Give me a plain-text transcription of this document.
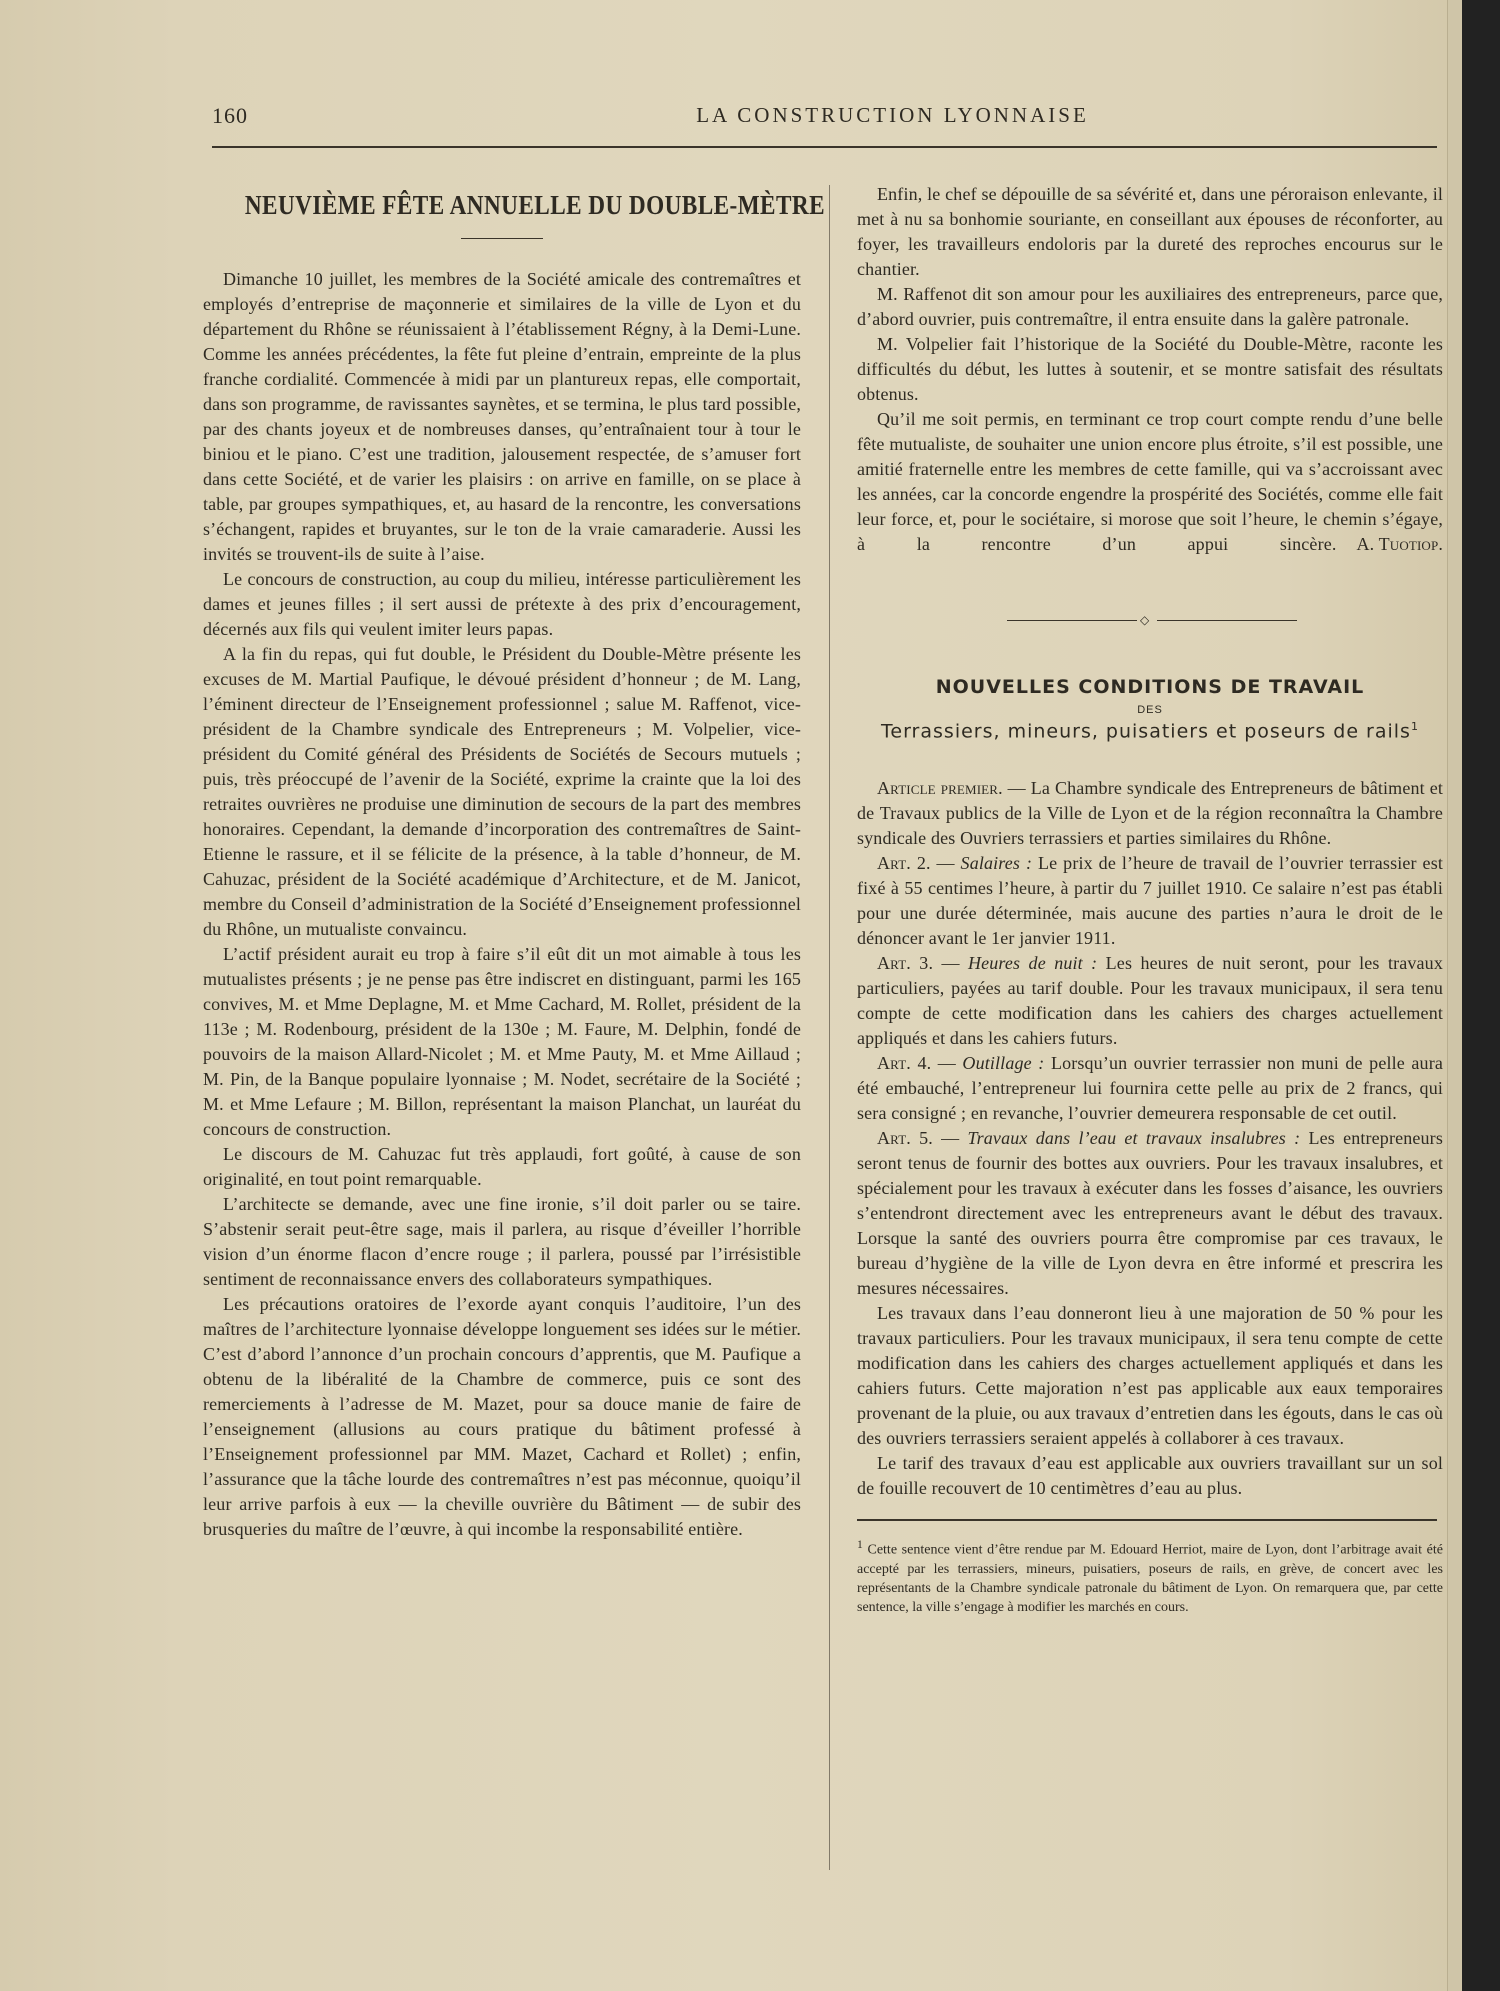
160	LA CONSTRUCTION LYONNAISE
NEUVIÈME FÊTE ANNUELLE DU DOUBLE-MÈTRE

Dimanche 10 juillet, les membres de la Société amicale des contremaîtres et employés d’entreprise de maçonnerie et similaires de la ville de Lyon et du département du Rhône se réunissaient à l’établissement Régny, à la Demi-Lune. Comme les années précédentes, la fête fut pleine d’entrain, empreinte de la plus franche cordialité. Commencée à midi par un plantureux repas, elle comportait, dans son programme, de ravissantes saynètes, et se termina, le plus tard possible, par des chants joyeux et de nombreuses danses, qu’entraînaient tour à tour le biniou et le piano. C’est une tradition, jalousement respectée, de s’amuser fort dans cette Société, et de varier les plaisirs : on arrive en famille, on se place à table, par groupes sympathiques, et, au hasard de la rencontre, les conversations s’échangent, rapides et bruyantes, sur le ton de la vraie camaraderie. Aussi les invités se trouvent-ils de suite à l’aise.

Le concours de construction, au coup du milieu, intéresse particulièrement les dames et jeunes filles ; il sert aussi de prétexte à des prix d’encouragement, décernés aux fils qui veulent imiter leurs papas.

A la fin du repas, qui fut double, le Président du Double-Mètre présente les excuses de M. Martial Paufique, le dévoué président d’honneur ; de M. Lang, l’éminent directeur de l’Enseignement professionnel ; salue M. Raffenot, vice-président de la Chambre syndicale des Entrepreneurs ; M. Volpelier, vice-président du Comité général des Présidents de Sociétés de Secours mutuels ; puis, très préoccupé de l’avenir de la Société, exprime la crainte que la loi des retraites ouvrières ne produise une diminution de secours de la part des membres honoraires. Cependant, la demande d’incorporation des contremaîtres de Saint-Etienne le rassure, et il se félicite de la présence, à la table d’honneur, de M. Cahuzac, président de la Société académique d’Architecture, et de M. Janicot, membre du Conseil d’administration de la Société d’Enseignement professionnel du Rhône, un mutualiste convaincu.

L’actif président aurait eu trop à faire s’il eût dit un mot aimable à tous les mutualistes présents ; je ne pense pas être indiscret en distinguant, parmi les 165 convives, M. et Mme Deplagne, M. et Mme Cachard, M. Rollet, président de la 113e ; M. Rodenbourg, président de la 130e ; M. Faure, M. Delphin, fondé de pouvoirs de la maison Allard-Nicolet ; M. et Mme Pauty, M. et Mme Aillaud ; M. Pin, de la Banque populaire lyonnaise ; M. Nodet, secrétaire de la Société ; M. et Mme Lefaure ; M. Billon, représentant la maison Planchat, un lauréat du concours de construction.

Le discours de M. Cahuzac fut très applaudi, fort goûté, à cause de son originalité, en tout point remarquable.

L’architecte se demande, avec une fine ironie, s’il doit parler ou se taire. S’abstenir serait peut-être sage, mais il parlera, au risque d’éveiller l’horrible vision d’un énorme flacon d’encre rouge ; il parlera, poussé par l’irrésistible sentiment de reconnaissance envers des collaborateurs sympathiques.

Les précautions oratoires de l’exorde ayant conquis l’auditoire, l’un des maîtres de l’architecture lyonnaise développe longuement ses idées sur le métier. C’est d’abord l’annonce d’un prochain concours d’apprentis, que M. Paufique a obtenu de la libéralité de la Chambre de commerce, puis ce sont des remerciements à l’adresse de M. Mazet, pour sa douce manie de faire de l’enseignement (allusions au cours pratique du bâtiment professé à l’Enseignement professionnel par MM. Mazet, Cachard et Rollet) ; enfin, l’assurance que la tâche lourde des contremaîtres n’est pas méconnue, quoiqu’il leur arrive parfois à eux — la cheville ouvrière du Bâtiment — de subir des brusqueries du maître de l’œuvre, à qui incombe la responsabilité entière.

Enfin, le chef se dépouille de sa sévérité et, dans une péroraison enlevante, il met à nu sa bonhomie souriante, en conseillant aux épouses de réconforter, au foyer, les travailleurs endoloris par la dureté des reproches encourus sur le chantier.

M. Raffenot dit son amour pour les auxiliaires des entrepreneurs, parce que, d’abord ouvrier, puis contremaître, il entra ensuite dans la galère patronale.

M. Volpelier fait l’historique de la Société du Double-Mètre, raconte les difficultés du début, les luttes à soutenir, et se montre satisfait des résultats obtenus.

Qu’il me soit permis, en terminant ce trop court compte rendu d’une belle fête mutualiste, de souhaiter une union encore plus étroite, s’il est possible, une amitié fraternelle entre les membres de cette famille, qui va s’accroissant avec les années, car la concorde engendre la prospérité des Sociétés, comme elle fait leur force, et, pour le sociétaire, si morose que soit l’heure, le chemin s’égaye, à la rencontre d’un appui sincère.	A. Tuotiop.

◇
NOUVELLES CONDITIONS DE TRAVAIL
DES
Terrassiers, mineurs, puisatiers et poseurs de rails$^1$

Article premier. — La Chambre syndicale des Entrepreneurs de bâtiment et de Travaux publics de la Ville de Lyon et de la région reconnaîtra la Chambre syndicale des Ouvriers terrassiers et parties similaires du Rhône.

Art. 2. — Salaires : Le prix de l’heure de travail de l’ouvrier terrassier est fixé à 55 centimes l’heure, à partir du 7 juillet 1910. Ce salaire n’est pas établi pour une durée déterminée, mais aucune des parties n’aura le droit de le dénoncer avant le 1er janvier 1911.

Art. 3. — Heures de nuit : Les heures de nuit seront, pour les travaux particuliers, payées au tarif double. Pour les travaux municipaux, il sera tenu compte de cette modification dans les cahiers des charges actuellement appliqués et dans les cahiers futurs.

Art. 4. — Outillage : Lorsqu’un ouvrier terrassier non muni de pelle aura été embauché, l’entrepreneur lui fournira cette pelle au prix de 2 francs, qui sera consigné ; en revanche, l’ouvrier demeurera responsable de cet outil.

Art. 5. — Travaux dans l’eau et travaux insalubres : Les entrepreneurs seront tenus de fournir des bottes aux ouvriers. Pour les travaux insalubres, et spécialement pour les travaux à exécuter dans les fosses d’aisance, les ouvriers s’entendront directement avec les entrepreneurs avant le début des travaux. Lorsque la santé des ouvriers pourra être compromise par ces travaux, le bureau d’hygiène de la ville de Lyon devra en être informé et prescrira les mesures nécessaires.

Les travaux dans l’eau donneront lieu à une majoration de 50 % pour les travaux particuliers. Pour les travaux municipaux, il sera tenu compte de cette modification dans les cahiers des charges actuellement appliqués et dans les cahiers futurs. Cette majoration n’est pas applicable aux eaux temporaires provenant de la pluie, ou aux travaux d’entretien dans les égouts, dans le cas où des ouvriers terrassiers seraient appelés à collaborer à ces travaux.

Le tarif des travaux d’eau est applicable aux ouvriers travaillant sur un sol de fouille recouvert de 10 centimètres d’eau au plus.

$^1$ Cette sentence vient d’être rendue par M. Edouard Herriot, maire de Lyon, dont l’arbitrage avait été accepté par les terrassiers, mineurs, puisatiers, poseurs de rails, en grève, de concert avec les représentants de la Chambre syndicale patronale du bâtiment de Lyon. On remarquera que, par cette sentence, la ville s’engage à modifier les marchés en cours.
